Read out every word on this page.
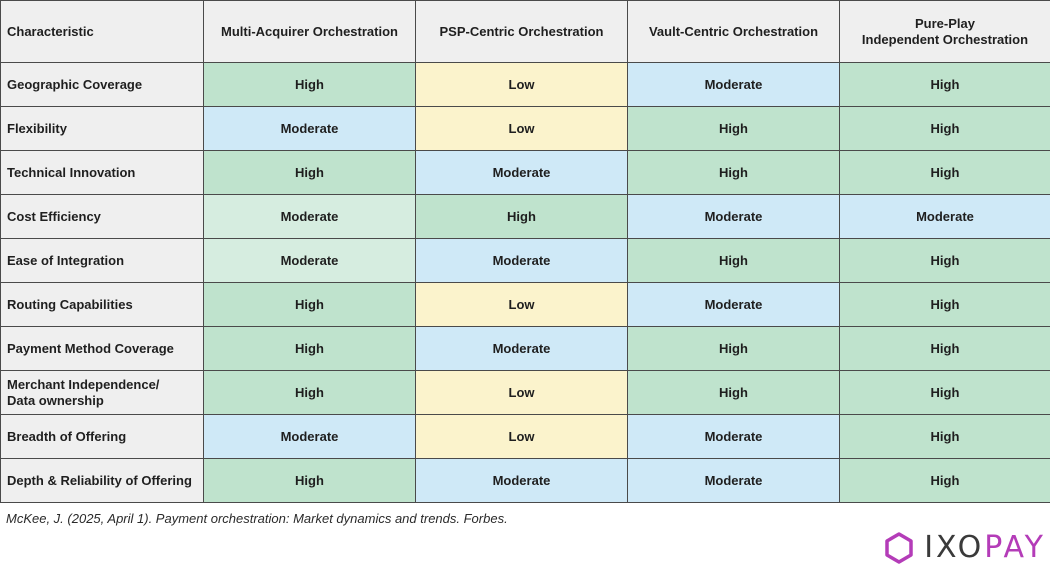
Characteristic	Multi-Acquirer Orchestration	PSP-Centric Orchestration	Vault-Centric Orchestration	Pure-Play
Independent Orchestration
Geographic Coverage	High	Low	Moderate	High
Flexibility	Moderate	Low	High	High
Technical Innovation	High	Moderate	High	High
Cost Efficiency	Moderate	High	Moderate	Moderate
Ease of Integration	Moderate	Moderate	High	High
Routing Capabilities	High	Low	Moderate	High
Payment Method Coverage	High	Moderate	High	High
Merchant Independence/
Data ownership	High	Low	High	High
Breadth of Offering	Moderate	Low	Moderate	High
Depth & Reliability of Offering	High	Moderate	Moderate	High
McKee, J. (2025, April 1). Payment orchestration: Market dynamics and trends. Forbes.
IXO PAY
